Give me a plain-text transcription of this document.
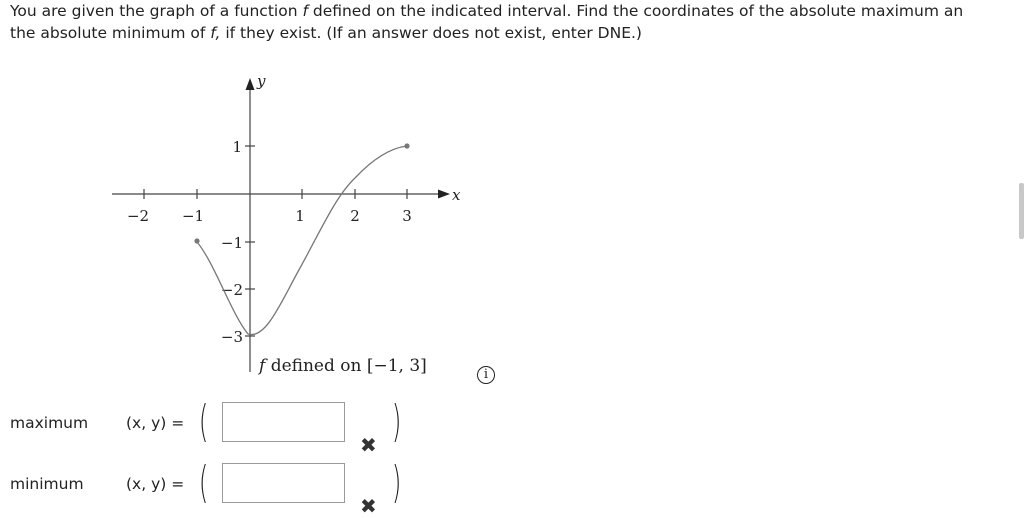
You are given the graph of a function f defined on the indicated interval. Find the coordinates of the absolute maximum an
the absolute minimum of f, if they exist. (If an answer does not exist, enter DNE.)
x
y
−2 −1	1	2	3
1
−1
−2
−3
f defined on [−1, 3]	i
maximum (x, y) = (	✖ )
minimum	(x, y) = (	✖ )
